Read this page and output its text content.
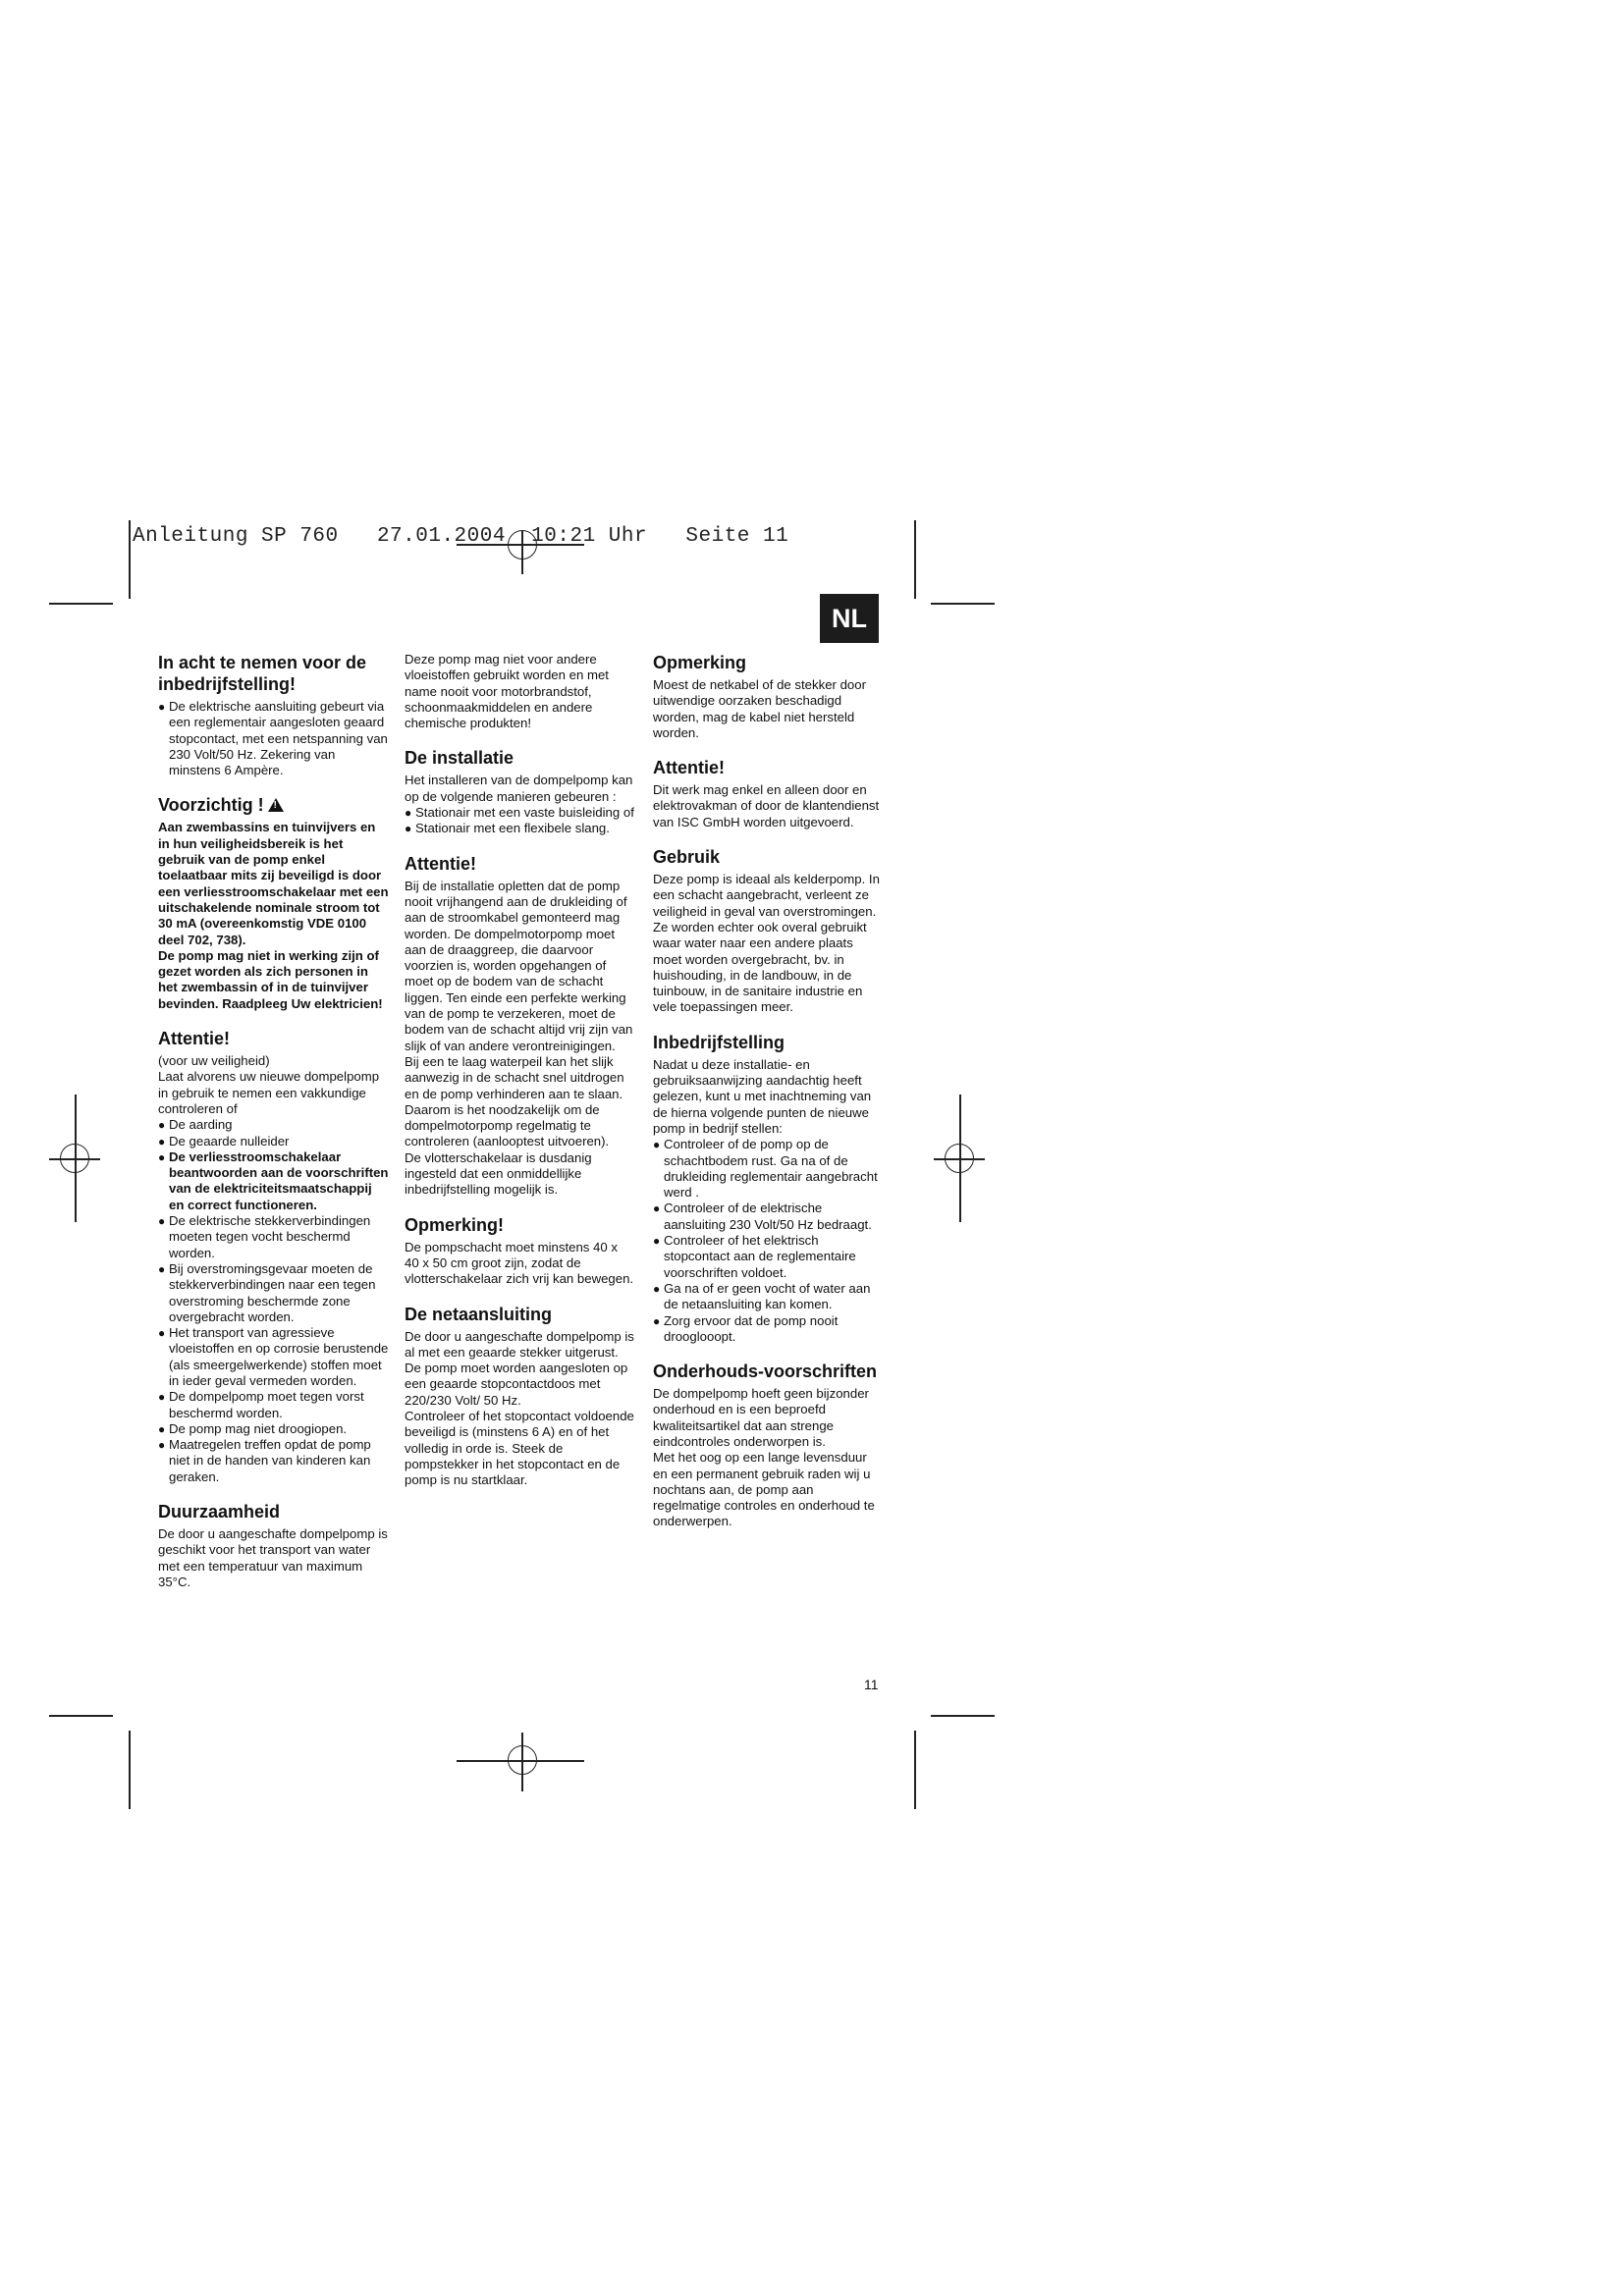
Anleitung SP 760   27.01.2004  10:21 Uhr   Seite 11
NL
In acht te nemen voor de inbedrijfstelling!
● De elektrische aansluiting gebeurt via een reglementair aangesloten geaard stopcontact, met een netspanning van 230 Volt/50 Hz. Zekering van minstens 6 Ampère.
Voorzichtig !!

Aan zwembassins en tuinvijvers en in hun veiligheidsbereik is het gebruik van de pomp enkel toelaatbaar mits zij beveiligd is door een verliesstroomschakelaar met een uitschakelende nominale stroom tot 30 mA (overeenkomstig VDE 0100 deel 702, 738).

De pomp mag niet in werking zijn of gezet worden als zich personen in het zwembassin of in de tuinvijver bevinden. Raadpleeg Uw elektricien!

Attentie!

(voor uw veiligheid)

Laat alvorens uw nieuwe dompelpomp in gebruik te nemen een vakkundige controleren of

● De aarding
● De geaarde nulleider
● De verliesstroomschakelaar beantwoorden aan de voorschriften van de elektriciteitsmaatschappij en correct functioneren.
● De elektrische stekkerverbindingen moeten tegen vocht beschermd worden.
● Bij overstromingsgevaar moeten de stekkerverbindingen naar een tegen overstroming beschermde zone overgebracht worden.
● Het transport van agressieve vloeistoffen en op corrosie berustende (als smeergelwerkende) stoffen moet in ieder geval vermeden worden.
● De dompelpomp moet tegen vorst beschermd worden.
● De pomp mag niet droogiopen.
● Maatregelen treffen opdat de pomp niet in de handen van kinderen kan geraken.
Duurzaamheid

De door u aangeschafte dompelpomp is geschikt voor het transport van water met een temperatuur van maximum 35°C.

Deze pomp mag niet voor andere vloeistoffen gebruikt worden en met name nooit voor motorbrandstof, schoonmaakmiddelen en andere chemische produkten!

De installatie

Het installeren van de dompelpomp kan op de volgende manieren gebeuren :

● Stationair met een vaste buisleiding of
● Stationair met een flexibele slang.
Attentie!

Bij de installatie opletten dat de pomp nooit vrijhangend aan de drukleiding of aan de stroomkabel gemonteerd mag worden. De dompelmotorpomp moet aan de draaggreep, die daarvoor voorzien is, worden opgehangen of moet op de bodem van de schacht liggen. Ten einde een perfekte werking van de pomp te verzekeren, moet de bodem van de schacht altijd vrij zijn van slijk of van andere verontreinigingen.

Bij een te laag waterpeil kan het slijk aanwezig in de schacht snel uitdrogen en de pomp verhinderen aan te slaan. Daarom is het noodzakelijk om de dompelmotorpomp regelmatig te controleren (aanlooptest uitvoeren).

De vlotterschakelaar is dusdanig ingesteld dat een onmiddellijke inbedrijfstelling mogelijk is.

Opmerking!

De pompschacht moet minstens 40 x 40 x 50 cm groot zijn, zodat de vlotterschakelaar zich vrij kan bewegen.

De netaansluiting

De door u aangeschafte dompelpomp is al met een geaarde stekker uitgerust. De pomp moet worden aangesloten op een geaarde stopcontactdoos met 220/230 Volt/ 50 Hz.

Controleer of het stopcontact voldoende beveiligd is (minstens 6 A) en of het volledig in orde is. Steek de pompstekker in het stopcontact en de pomp is nu startklaar.

Opmerking

Moest de netkabel of de stekker door uitwendige oorzaken beschadigd worden, mag de kabel niet hersteld worden.

Attentie!

Dit werk mag enkel en alleen door en elektrovakman of door de klantendienst van ISC GmbH worden uitgevoerd.

Gebruik

Deze pomp is ideaal als kelderpomp. In een schacht aangebracht, verleent ze veiligheid in geval van overstromingen.

Ze worden echter ook overal gebruikt waar water naar een andere plaats moet worden overgebracht, bv. in huishouding, in de landbouw, in de tuinbouw, in de sanitaire industrie en vele toepassingen meer.

Inbedrijfstelling

Nadat u deze installatie- en gebruiksaanwijzing aandachtig heeft gelezen, kunt u met inachtneming van de hierna volgende punten de nieuwe pomp in bedrijf stellen:

● Controleer of de pomp op de schachtbodem rust. Ga na of de drukleiding reglementair aangebracht werd .
● Controleer of de elektrische aansluiting 230 Volt/50 Hz bedraagt.
● Controleer of het elektrisch stopcontact aan de reglementaire voorschriften voldoet.
● Ga na of er geen vocht of water aan de netaansluiting kan komen.
● Zorg ervoor dat de pomp nooit drooglooopt.
Onderhouds-voorschriften

De dompelpomp hoeft geen bijzonder onderhoud en is een beproefd kwaliteitsartikel dat aan strenge eindcontroles onderworpen is.

Met het oog op een lange levensduur en een permanent gebruik raden wij u nochtans aan, de pomp aan regelmatige controles en onderhoud te onderwerpen.

11
